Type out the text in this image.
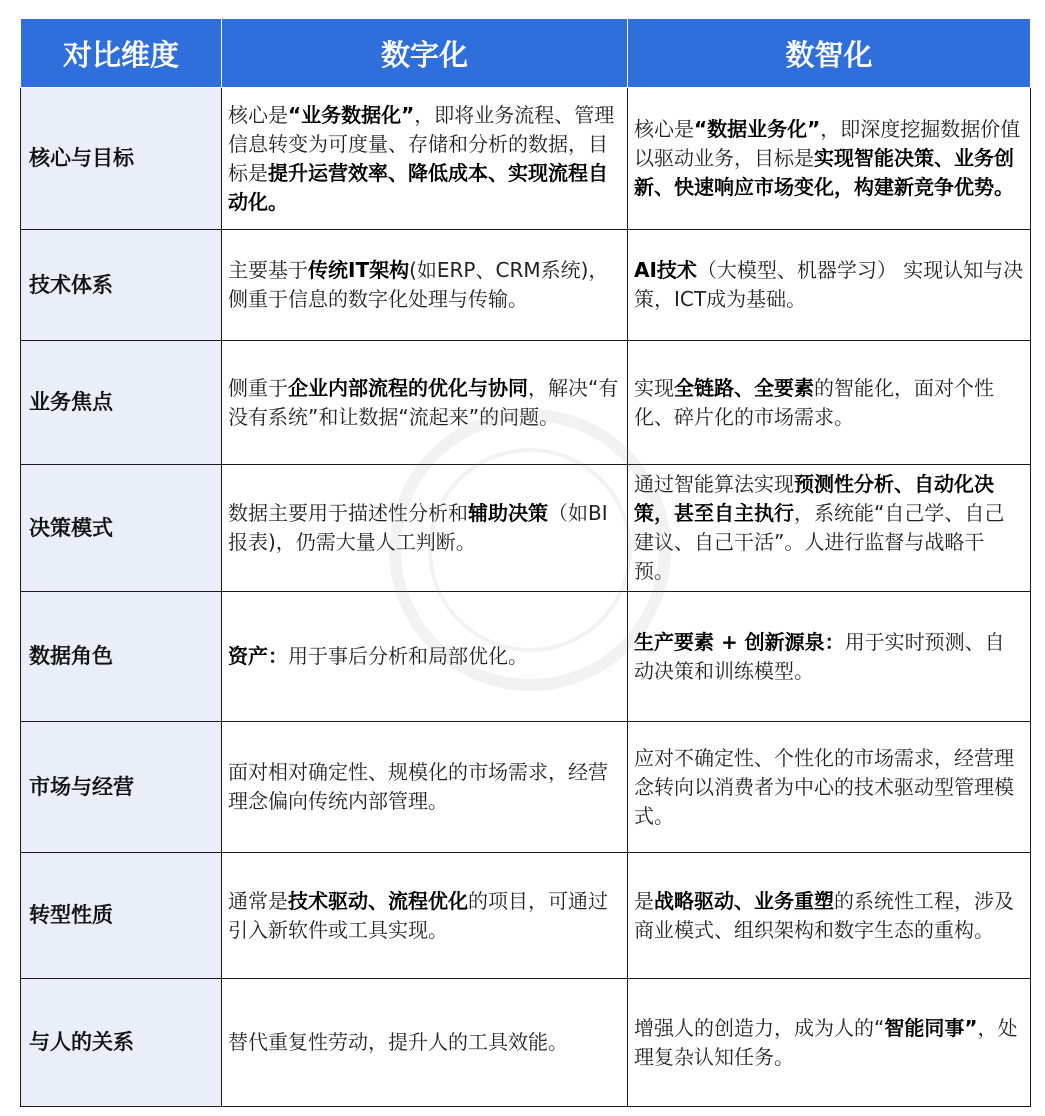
对比维度	数字化	数智化
核心与目标	核心是“业务数据化”，即将业务流程、管理信息转变为可度量、存储和分析的数据，目标是提升运营效率、降低成本、实现流程自动化。	核心是“数据业务化”，即深度挖掘数据价值以驱动业务，目标是实现智能决策、业务创新、快速响应市场变化，构建新竞争优势。
技术体系	主要基于传统IT架构(如ERP、CRM系统)，侧重于信息的数字化处理与传输。	AI技术（大模型、机器学习） 实现认知与决策，ICT成为基础。
业务焦点	侧重于企业内部流程的优化与协同，解决“有没有系统”和让数据“流起来”的问题。	实现全链路、全要素的智能化，面对个性化、碎片化的市场需求。
决策模式	数据主要用于描述性分析和辅助决策（如BI报表)，仍需大量人工判断。	通过智能算法实现预测性分析、自动化决策，甚至自主执行，系统能“自己学、自己建议、自己干活”。人进行监督与战略干预。
数据角色	资产：用于事后分析和局部优化。	生产要素 + 创新源泉：用于实时预测、自动决策和训练模型。
市场与经营	面对相对确定性、规模化的市场需求，经营理念偏向传统内部管理。	应对不确定性、个性化的市场需求，经营理念转向以消费者为中心的技术驱动型管理模式。
转型性质	通常是技术驱动、流程优化的项目，可通过引入新软件或工具实现。	是战略驱动、业务重塑的系统性工程，涉及商业模式、组织架构和数字生态的重构。
与人的关系	替代重复性劳动，提升人的工具效能。	增强人的创造力，成为人的“智能同事”，处理复杂认知任务。
